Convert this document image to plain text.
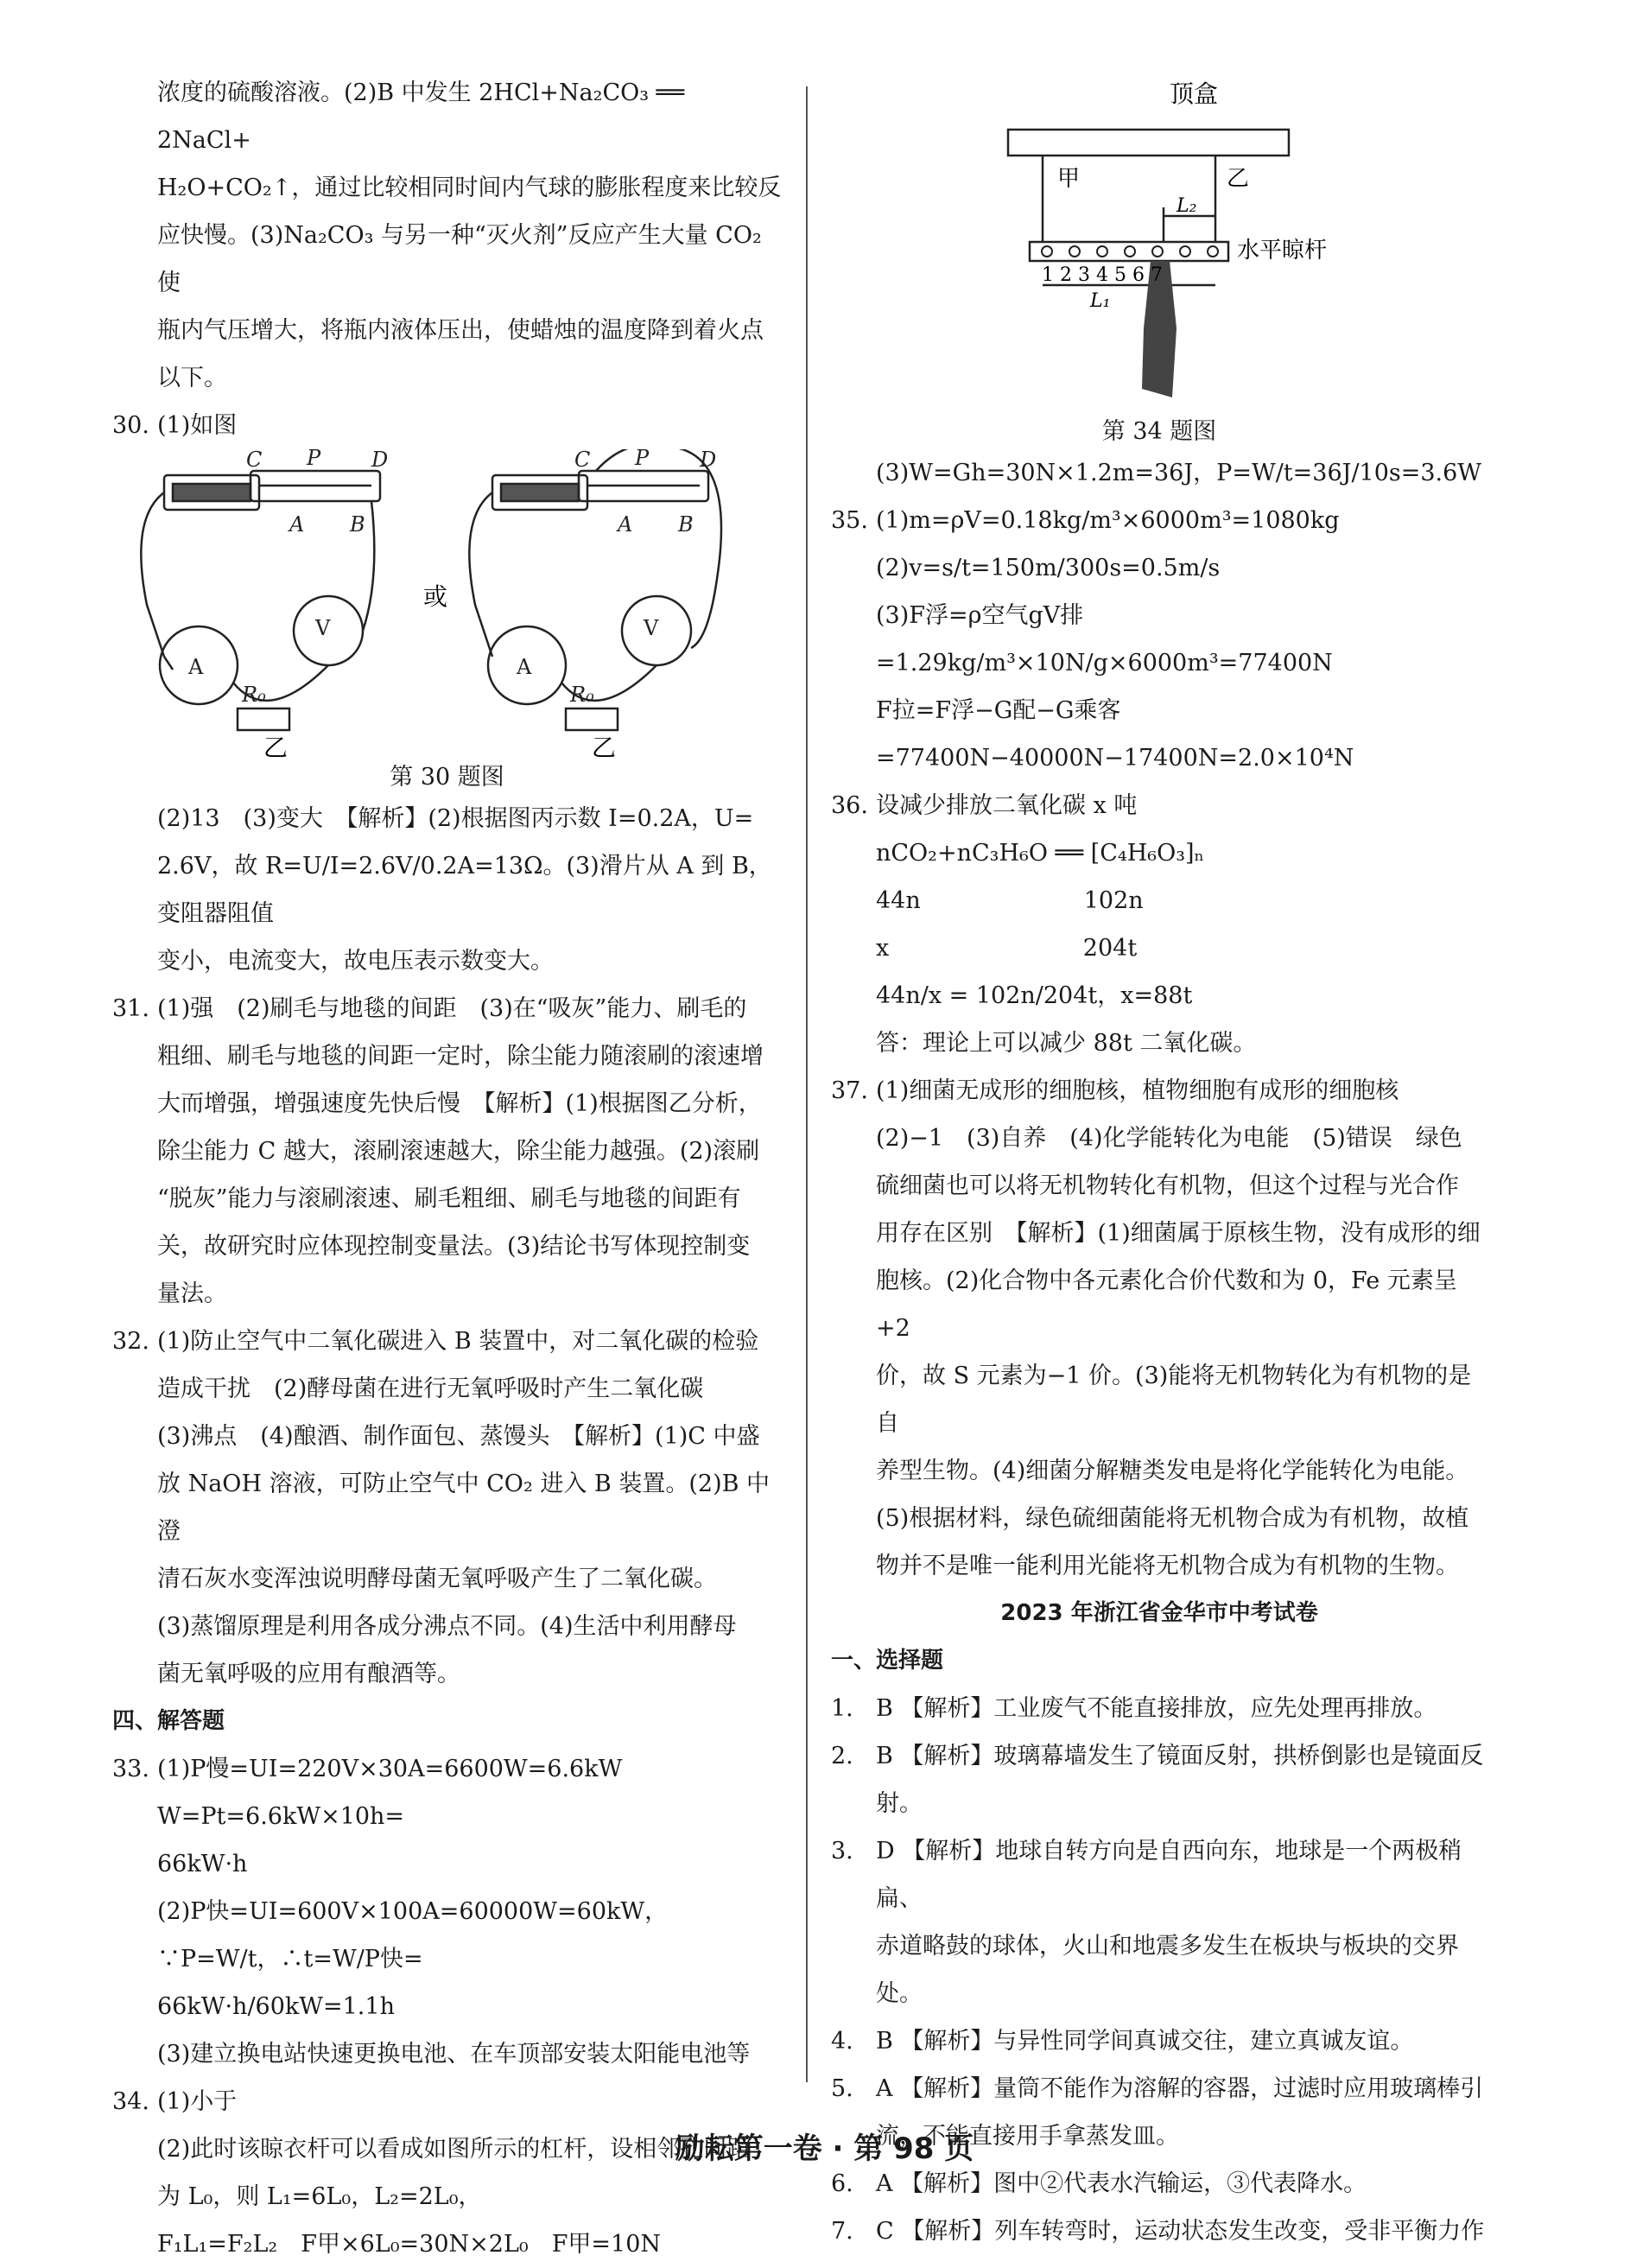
浓度的硫酸溶液。(2)B 中发生 2HCl+Na₂CO₃ ══ 2NaCl+

H₂O+CO₂↑，通过比较相同时间内气球的膨胀程度来比较反

应快慢。(3)Na₂CO₃ 与另一种“灭火剂”反应产生大量 CO₂ 使

瓶内气压增大，将瓶内液体压出，使蜡烛的温度降到着火点

以下。

30. (1)如图

C P D
A B
C P D
A B
V
A
V
A
R₀	R₀
或
乙	乙

第 30 题图

(2)13　(3)变大　【解析】(2)根据图丙示数 I=0.2A，U=

2.6V，故 R=U/I=2.6V/0.2A=13Ω。(3)滑片从 A 到 B，变阻器阻值

变小，电流变大，故电压表示数变大。

31. (1)强　(2)刷毛与地毯的间距　(3)在“吸灰”能力、刷毛的

粗细、刷毛与地毯的间距一定时，除尘能力随滚刷的滚速增

大而增强，增强速度先快后慢　【解析】(1)根据图乙分析，

除尘能力 C 越大，滚刷滚速越大，除尘能力越强。(2)滚刷

“脱灰”能力与滚刷滚速、刷毛粗细、刷毛与地毯的间距有

关，故研究时应体现控制变量法。(3)结论书写体现控制变

量法。

32. (1)防止空气中二氧化碳进入 B 装置中，对二氧化碳的检验

造成干扰　(2)酵母菌在进行无氧呼吸时产生二氧化碳

(3)沸点　(4)酿酒、制作面包、蒸馒头　【解析】(1)C 中盛

放 NaOH 溶液，可防止空气中 CO₂ 进入 B 装置。(2)B 中澄

清石灰水变浑浊说明酵母菌无氧呼吸产生了二氧化碳。

(3)蒸馏原理是利用各成分沸点不同。(4)生活中利用酵母

菌无氧呼吸的应用有酿酒等。

四、解答题

33. (1)P慢=UI=220V×30A=6600W=6.6kW　W=Pt=6.6kW×10h=

66kW·h

(2)P快=UI=600V×100A=60000W=60kW，∵P=W/t，∴t=W/P快=

66kW·h/60kW=1.1h

(3)建立换电站快速更换电池、在车顶部安装太阳能电池等

34. (1)小于

(2)此时该晾衣杆可以看成如图所示的杠杆，设相邻孔间距

为 L₀，则 L₁=6L₀，L₂=2L₀，

F₁L₁=F₂L₂　F甲×6L₀=30N×2L₀　F甲=10N

顶盒
甲	乙
L₂
水平晾杆
1 2 3 4 5 6 7
L₁

第 34 题图

(3)W=Gh=30N×1.2m=36J，P=W/t=36J/10s=3.6W

35. (1)m=ρV=0.18kg/m³×6000m³=1080kg

(2)v=s/t=150m/300s=0.5m/s

(3)F浮=ρ空气gV排=1.29kg/m³×10N/g×6000m³=77400N

F拉=F浮−G配−G乘客=77400N−40000N−17400N=2.0×10⁴N

36. 设减少排放二氧化碳 x 吨

nCO₂+nC₃H₆O ══ [C₄H₆O₃]ₙ

44n　　　　　　　102n

x　　　　　　　　 204t

44n/x = 102n/204t，x=88t

答：理论上可以减少 88t 二氧化碳。

37. (1)细菌无成形的细胞核，植物细胞有成形的细胞核

(2)−1　(3)自养　(4)化学能转化为电能　(5)错误　绿色

硫细菌也可以将无机物转化有机物，但这个过程与光合作

用存在区别　【解析】(1)细菌属于原核生物，没有成形的细

胞核。(2)化合物中各元素化合价代数和为 0，Fe 元素呈+2

价，故 S 元素为−1 价。(3)能将无机物转化为有机物的是自

养型生物。(4)细菌分解糖类发电是将化学能转化为电能。

(5)根据材料，绿色硫细菌能将无机物合成为有机物，故植

物并不是唯一能利用光能将无机物合成为有机物的生物。

2023 年浙江省金华市中考试卷

一、选择题

1. B 【解析】工业废气不能直接排放，应先处理再排放。

2. B 【解析】玻璃幕墙发生了镜面反射，拱桥倒影也是镜面反

射。

3. D 【解析】地球自转方向是自西向东，地球是一个两极稍扁、

赤道略鼓的球体，火山和地震多发生在板块与板块的交界处。

4. B 【解析】与异性同学间真诚交往，建立真诚友谊。

5. A 【解析】量筒不能作为溶解的容器，过滤时应用玻璃棒引

流，不能直接用手拿蒸发皿。

6. A 【解析】图中②代表水汽输运，③代表降水。

7. C 【解析】列车转弯时，运动状态发生改变，受非平衡力作

励耘第一卷 · 第 98 页
